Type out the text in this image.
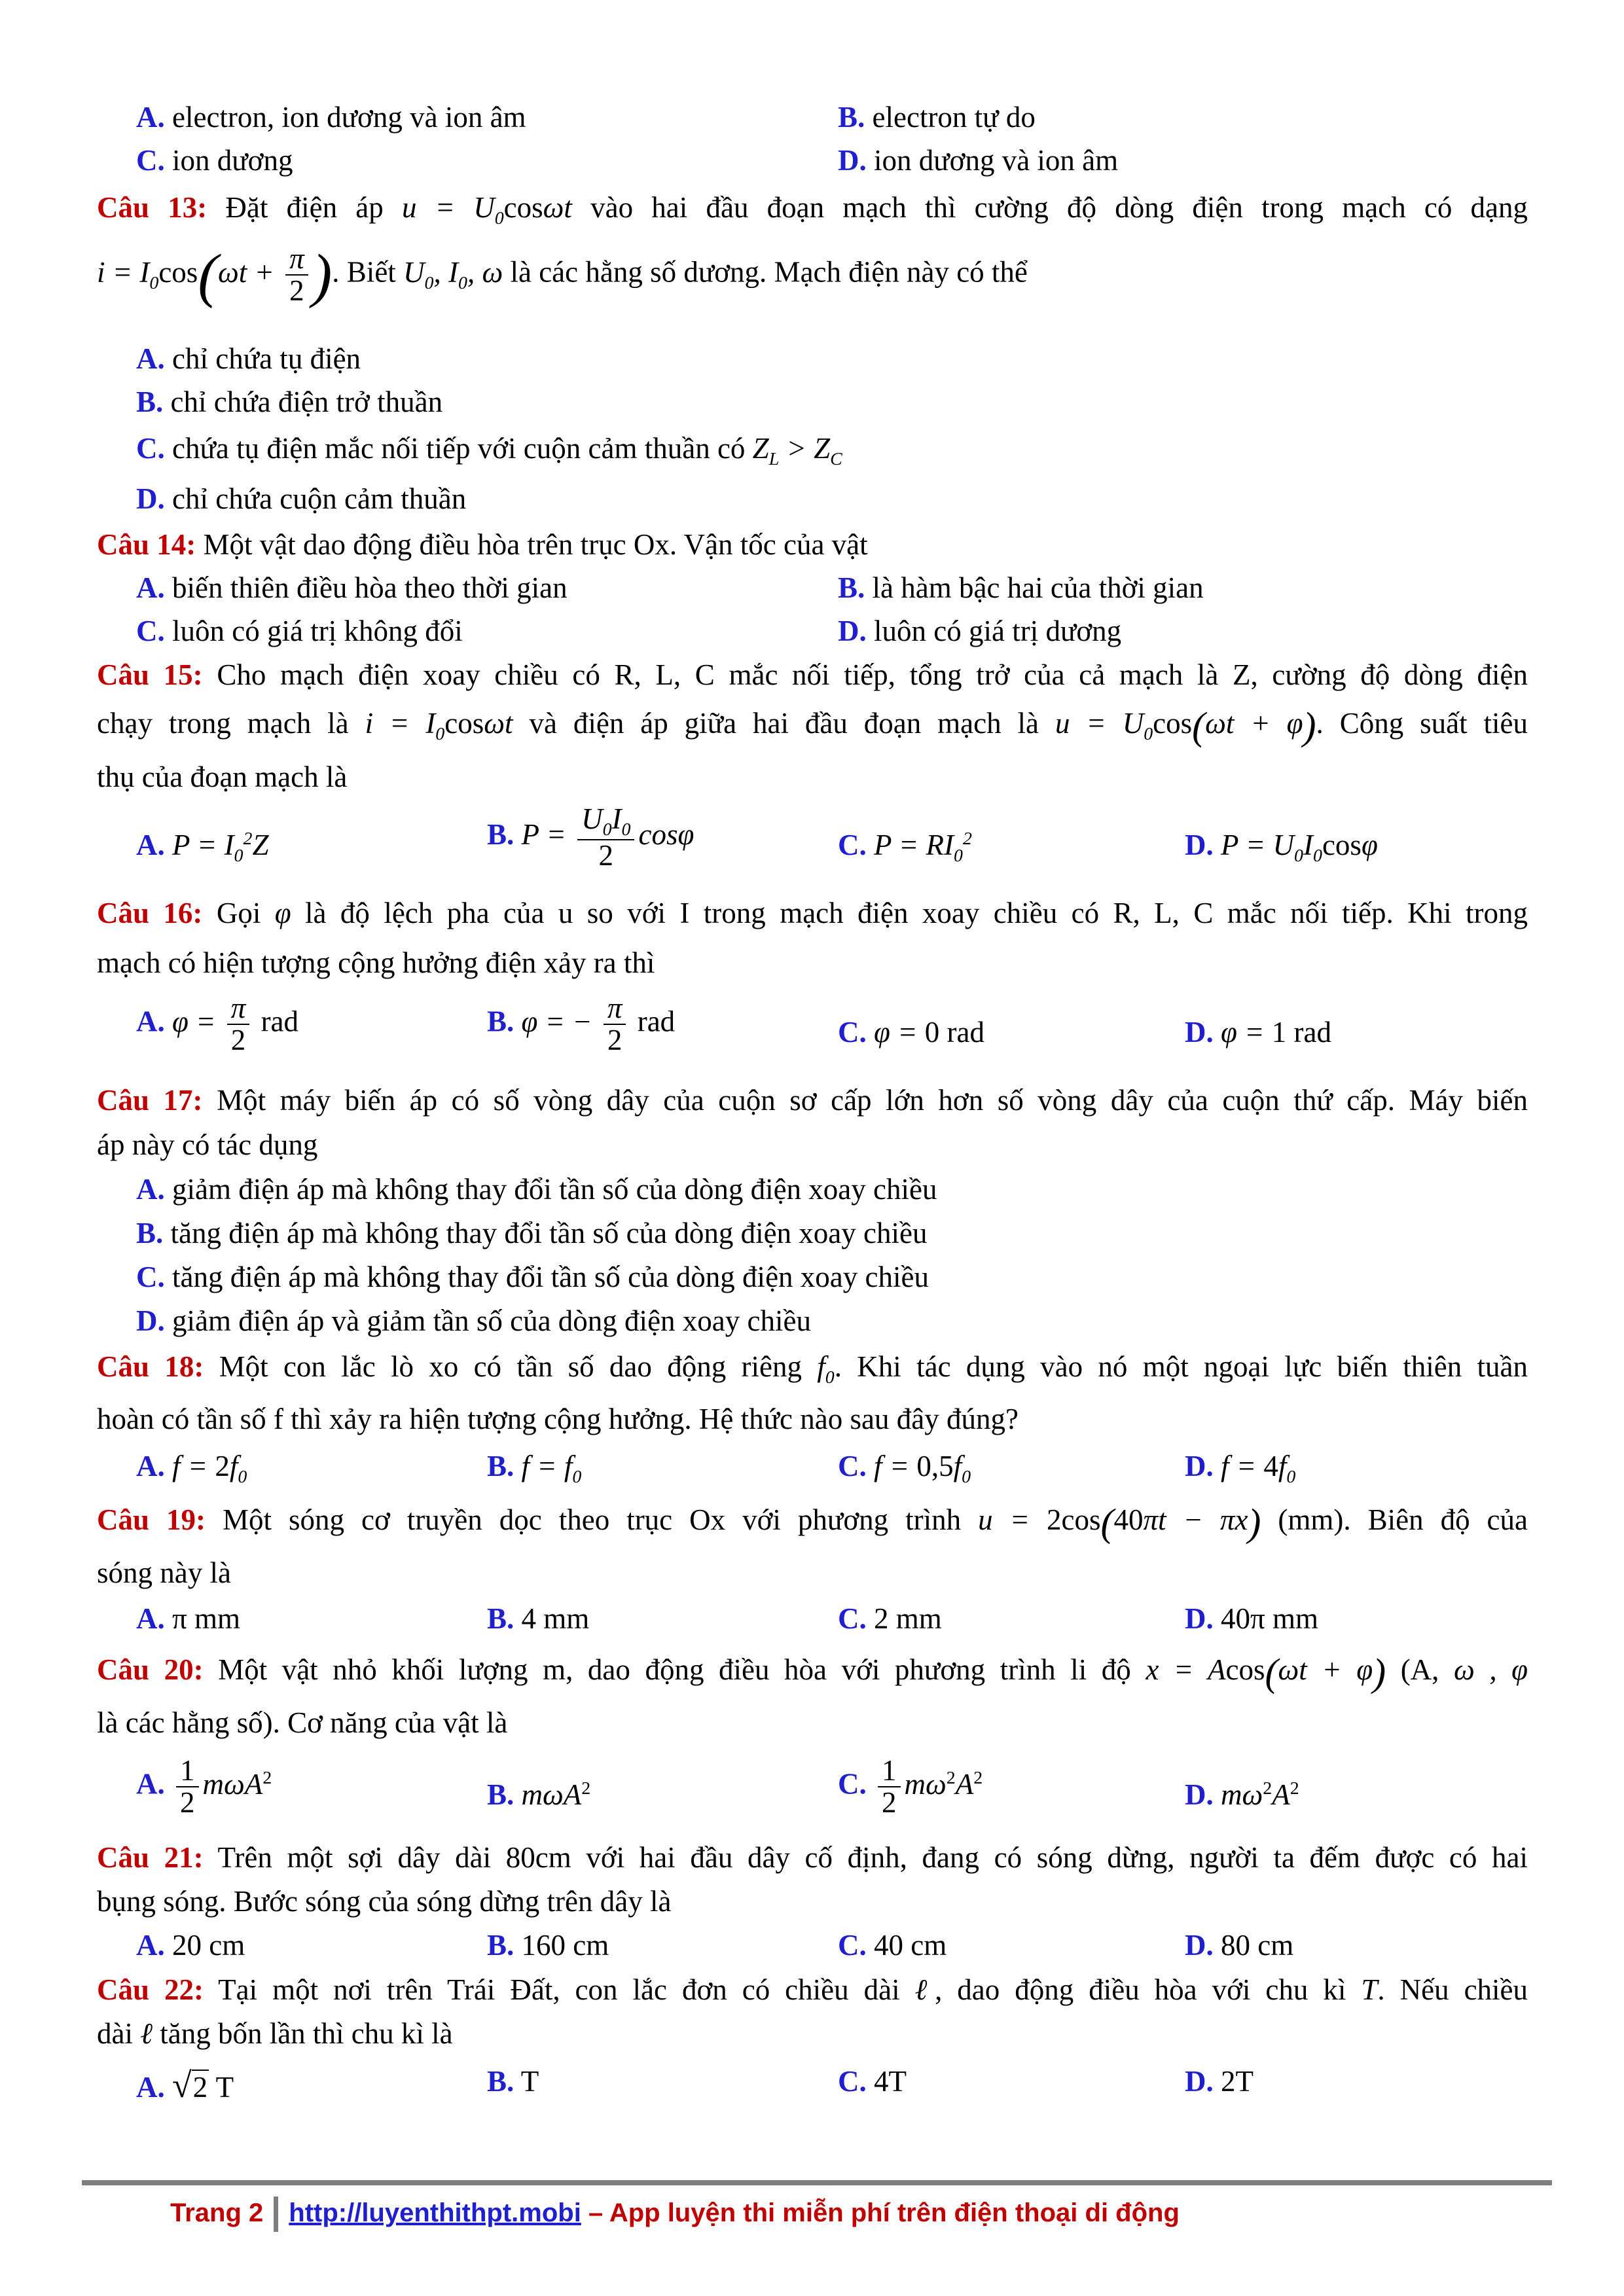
A. electron, ion dương và ion âm	B. electron tự do
C. ion dương	D. ion dương và ion âm
Câu 13: Đặt điện áp $u = U_0\cos\omega t$ vào hai đầu đoạn mạch thì cường độ dòng điện trong mạch có dạng
$i = I_0\cos(\omega t + \frac{\pi}{2}$ ). Biết $U_0$, $I_0$, ω là các hằng số dương. Mạch điện này có thể
A. chỉ chứa tụ điện
B. chỉ chứa điện trở thuần
C. chứa tụ điện mắc nối tiếp với cuộn cảm thuần có $Z_L > Z_C$
D. chỉ chứa cuộn cảm thuần
Câu 14: Một vật dao động điều hòa trên trục Ox. Vận tốc của vật
A. biến thiên điều hòa theo thời gian	B. là hàm bậc hai của thời gian
C. luôn có giá trị không đổi	D. luôn có giá trị dương
Câu 15: Cho mạch điện xoay chiều có R, L, C mắc nối tiếp, tổng trở của cả mạch là Z, cường độ dòng điện
chạy trong mạch là $i = I_0\cos\omega t$ và điện áp giữa hai đầu đoạn mạch là $u = U_0\cos(\omega t + \varphi)$. Công suất tiêu
thụ của đoạn mạch là
A. $P = I_0^2Z$	B. $P = \frac{U_0I_0}{2}$ cosφ	C. $P = RI_0^2$	D. $P = U_0I_0\cos\varphi$
Câu 16: Gọi φ là độ lệch pha của u so với I trong mạch điện xoay chiều có R, L, C mắc nối tiếp. Khi trong
mạch có hiện tượng cộng hưởng điện xảy ra thì
A. $\varphi = \frac{\pi}{2}$ rad	B. φ = − $\frac{\pi}{2}$ rad	C. φ = 0 rad	D. φ = 1 rad
Câu 17: Một máy biến áp có số vòng dây của cuộn sơ cấp lớn hơn số vòng dây của cuộn thứ cấp. Máy biến
áp này có tác dụng
A. giảm điện áp mà không thay đổi tần số của dòng điện xoay chiều
B. tăng điện áp mà không thay đổi tần số của dòng điện xoay chiều
C. tăng điện áp mà không thay đổi tần số của dòng điện xoay chiều
D. giảm điện áp và giảm tần số của dòng điện xoay chiều
Câu 18: Một con lắc lò xo có tần số dao động riêng $f_0$. Khi tác dụng vào nó một ngoại lực biến thiên tuần
hoàn có tần số f thì xảy ra hiện tượng cộng hưởng. Hệ thức nào sau đây đúng?
A. $f = 2f_0$	B. $f = f_0$	C. $f = 0,5f_0$	D. $f = 4f_0$
Câu 19: Một sóng cơ truyền dọc theo trục Ox với phương trình u = 2cos(40πt − πx) (mm). Biên độ của
sóng này là
A. π mm	B. 4 mm	C. 2 mm	D. 40π mm
Câu 20: Một vật nhỏ khối lượng m, dao động điều hòa với phương trình li độ x = Acos(ωt + φ) (A, ω , φ
là các hằng số). Cơ năng của vật là
A. $\frac{1}{2} m\omega A^2$
B. mωA$^2$	C. $\frac{1}{2} m\omega^2A^2$
D. $m\omega^2A^2$
Câu 21: Trên một sợi dây dài 80cm với hai đầu dây cố định, đang có sóng dừng, người ta đếm được có hai
bụng sóng. Bước sóng của sóng dừng trên dây là
A. 20 cm	B. 160 cm	C. 40 cm	D. 80 cm
Câu 22: Tại một nơi trên Trái Đất, con lắc đơn có chiều dài ℓ, dao động điều hòa với chu kì T. Nếu chiều
dài ℓ tăng bốn lần thì chu kì là
A. √2 T	B. T	C. 4T	D. 2T
Trang 2 http://luyenthithpt.mobi – App luyện thi miễn phí trên điện thoại di động
